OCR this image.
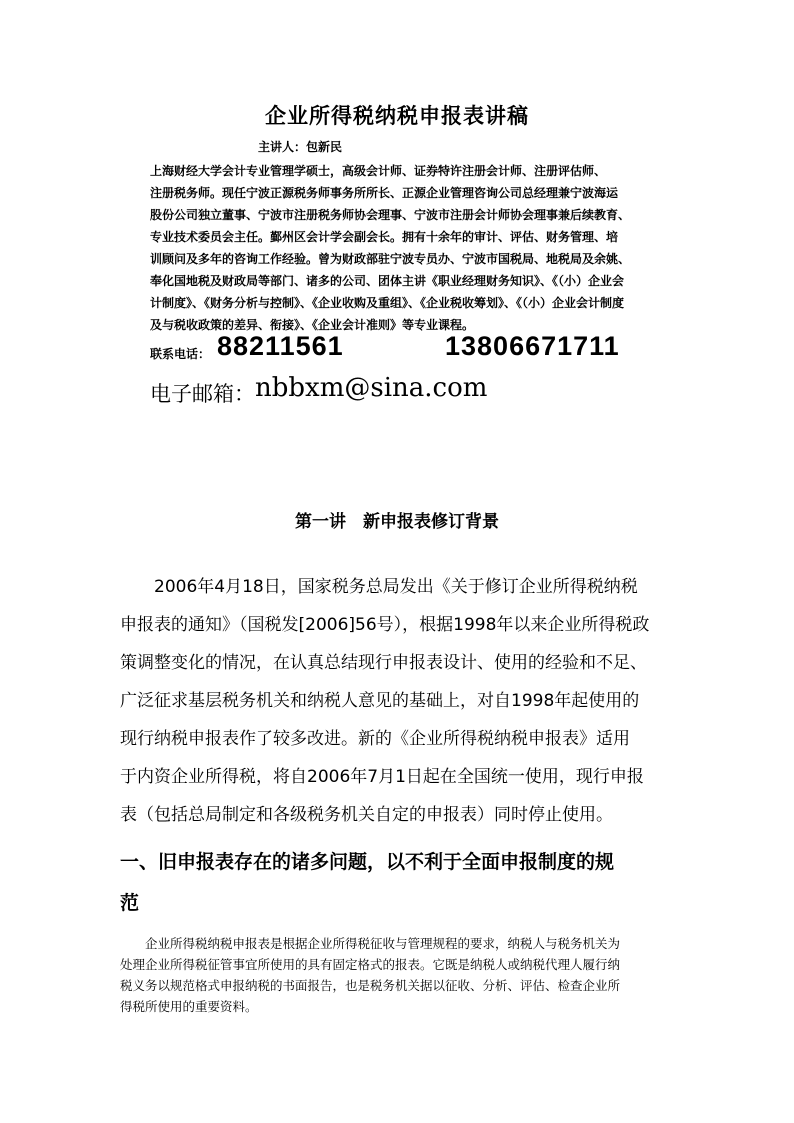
企业所得税纳税申报表讲稿
主讲人：包新民
上海财经大学会计专业管理学硕士，高级会计师、证券特许注册会计师、注册评估师、
注册税务师。现任宁波正源税务师事务所所长、正源企业管理咨询公司总经理兼宁波海运
股份公司独立董事、宁波市注册税务师协会理事、宁波市注册会计师协会理事兼后续教育、
专业技术委员会主任。鄞州区会计学会副会长。拥有十余年的审计、评估、财务管理、培
训顾问及多年的咨询工作经验。曾为财政部驻宁波专员办、宁波市国税局、地税局及余姚、
奉化国地税及财政局等部门、诸多的公司、团体主讲《职业经理财务知识》、《（小）企业会
计制度》、《财务分析与控制》、《企业收购及重组》、《企业税收筹划》、《（小）企业会计制度
及与税收政策的差异、衔接》、《企业会计准则》等专业课程。
联系电话： 88211561	13806671711
电子邮箱： nbbxm@sina.com
第一讲　新申报表修订背景
　　2006年4月18日，国家税务总局发出《关于修订企业所得税纳税
申报表的通知》（国税发[2006]56号），根据1998年以来企业所得税政
策调整变化的情况，在认真总结现行申报表设计、使用的经验和不足、
广泛征求基层税务机关和纳税人意见的基础上，对自1998年起使用的
现行纳税申报表作了较多改进。新的《企业所得税纳税申报表》适用
于内资企业所得税，将自2006年7月1日起在全国统一使用，现行申报
表（包括总局制定和各级税务机关自定的申报表）同时停止使用。
一、旧申报表存在的诸多问题，以不利于全面申报制度的规
范
　　企业所得税纳税申报表是根据企业所得税征收与管理规程的要求，纳税人与税务机关为
处理企业所得税征管事宜所使用的具有固定格式的报表。它既是纳税人或纳税代理人履行纳
税义务以规范格式申报纳税的书面报告，也是税务机关据以征收、分析、评估、检查企业所
得税所使用的重要资料。
